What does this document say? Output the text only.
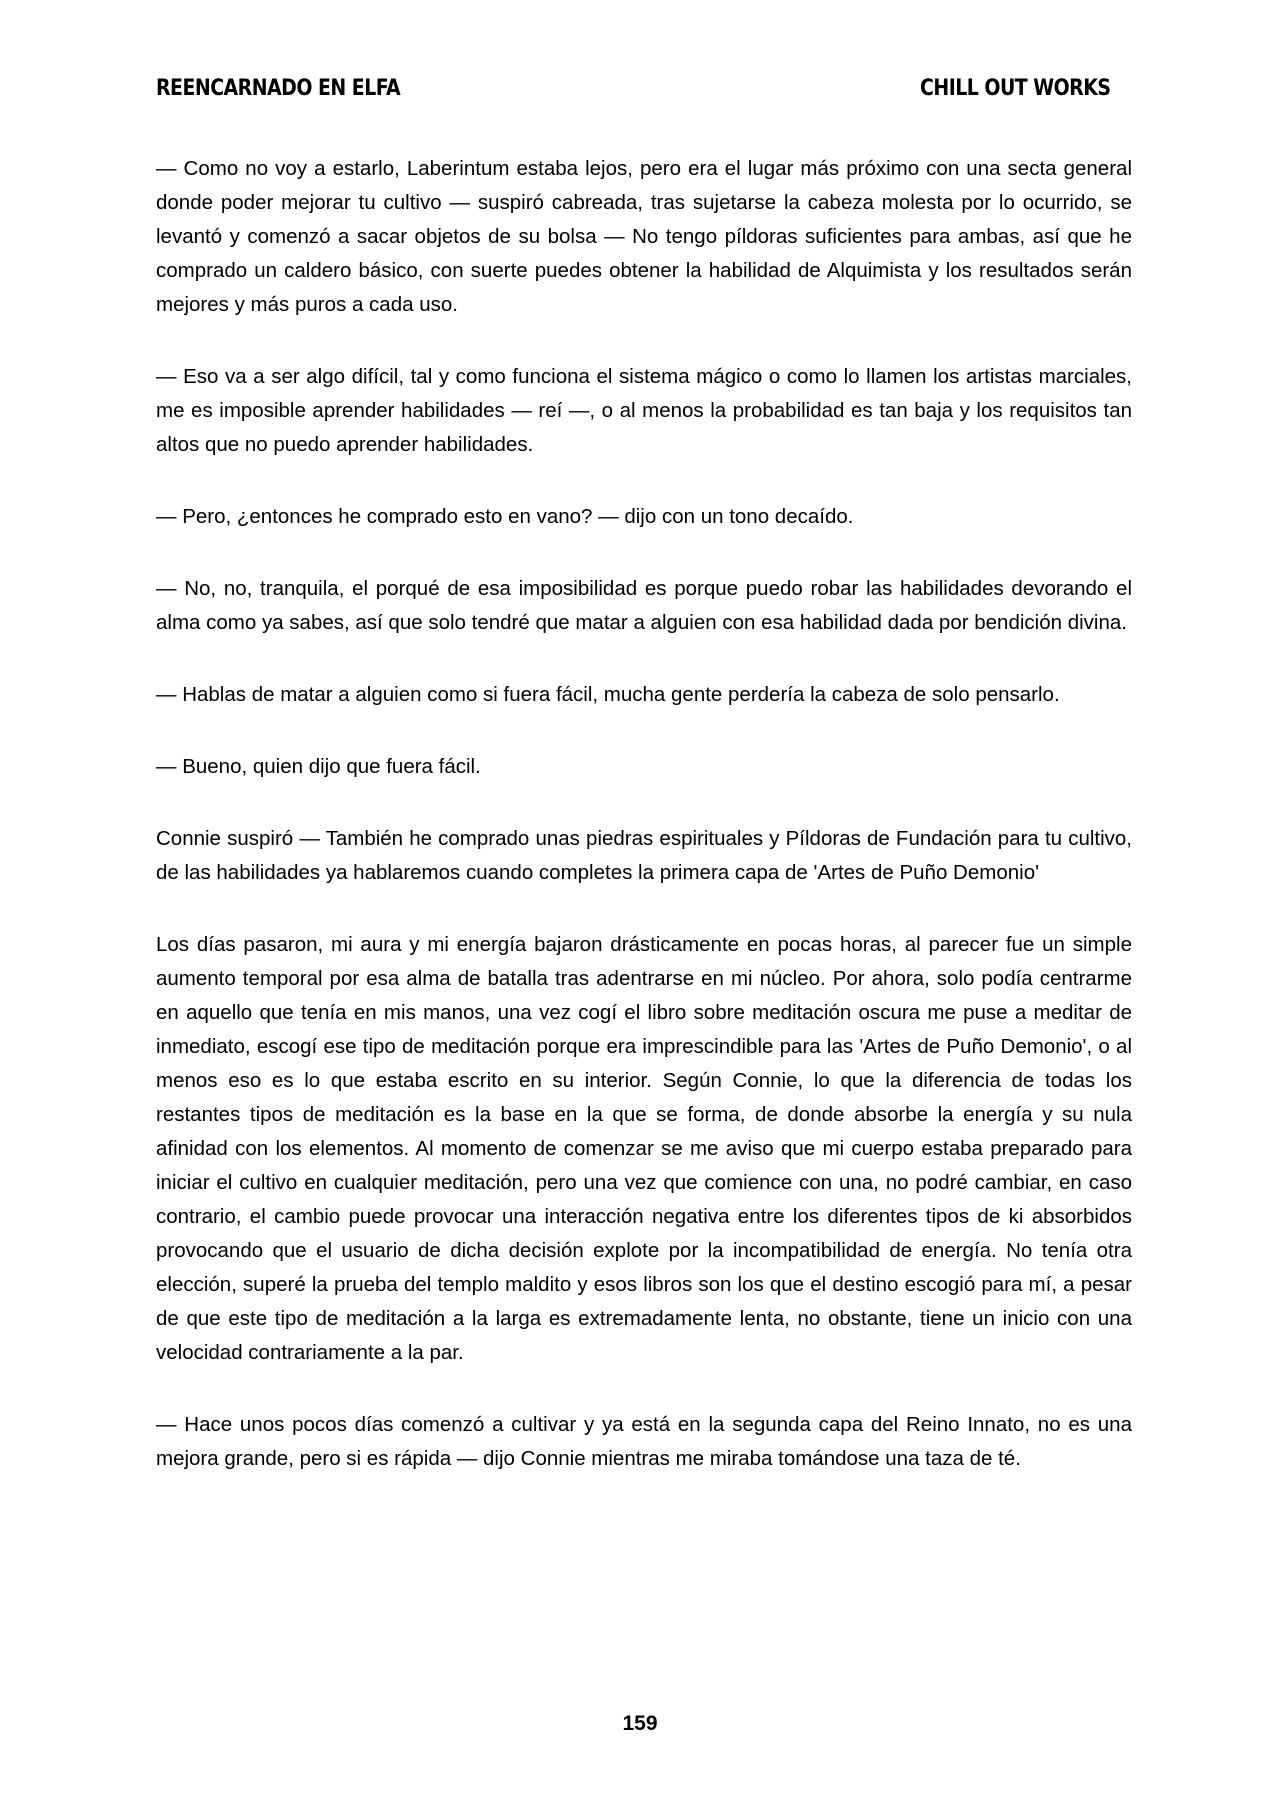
REENCARNADO EN ELFA	CHILL OUT WORKS

— Como no voy a estarlo, Laberintum estaba lejos, pero era el lugar más próximo con una secta general donde poder mejorar tu cultivo — suspiró cabreada, tras sujetarse la cabeza molesta por lo ocurrido, se levantó y comenzó a sacar objetos de su bolsa — No tengo píldoras suficientes para ambas, así que he comprado un caldero básico, con suerte puedes obtener la habilidad de Alquimista y los resultados serán mejores y más puros a cada uso.

— Eso va a ser algo difícil, tal y como funciona el sistema mágico o como lo llamen los artistas marciales, me es imposible aprender habilidades — reí —, o al menos la probabilidad es tan baja y los requisitos tan altos que no puedo aprender habilidades.

— Pero, ¿entonces he comprado esto en vano? — dijo con un tono decaído.

— No, no, tranquila, el porqué de esa imposibilidad es porque puedo robar las habilidades devorando el alma como ya sabes, así que solo tendré que matar a alguien con esa habilidad dada por bendición divina.

— Hablas de matar a alguien como si fuera fácil, mucha gente perdería la cabeza de solo pensarlo.

— Bueno, quien dijo que fuera fácil.

Connie suspiró — También he comprado unas piedras espirituales y Píldoras de Fundación para tu cultivo, de las habilidades ya hablaremos cuando completes la primera capa de 'Artes de Puño Demonio'

Los días pasaron, mi aura y mi energía bajaron drásticamente en pocas horas, al parecer fue un simple aumento temporal por esa alma de batalla tras adentrarse en mi núcleo. Por ahora, solo podía centrarme en aquello que tenía en mis manos, una vez cogí el libro sobre meditación oscura me puse a meditar de inmediato, escogí ese tipo de meditación porque era imprescindible para las 'Artes de Puño Demonio', o al menos eso es lo que estaba escrito en su interior. Según Connie, lo que la diferencia de todas los restantes tipos de meditación es la base en la que se forma, de donde absorbe la energía y su nula afinidad con los elementos. Al momento de comenzar se me aviso que mi cuerpo estaba preparado para iniciar el cultivo en cualquier meditación, pero una vez que comience con una, no podré cambiar, en caso contrario, el cambio puede provocar una interacción negativa entre los diferentes tipos de ki absorbidos provocando que el usuario de dicha decisión explote por la incompatibilidad de energía. No tenía otra elección, superé la prueba del templo maldito y esos libros son los que el destino escogió para mí, a pesar de que este tipo de meditación a la larga es extremadamente lenta, no obstante, tiene un inicio con una velocidad contrariamente a la par.

— Hace unos pocos días comenzó a cultivar y ya está en la segunda capa del Reino Innato, no es una mejora grande, pero si es rápida — dijo Connie mientras me miraba tomándose una taza de té.

159
